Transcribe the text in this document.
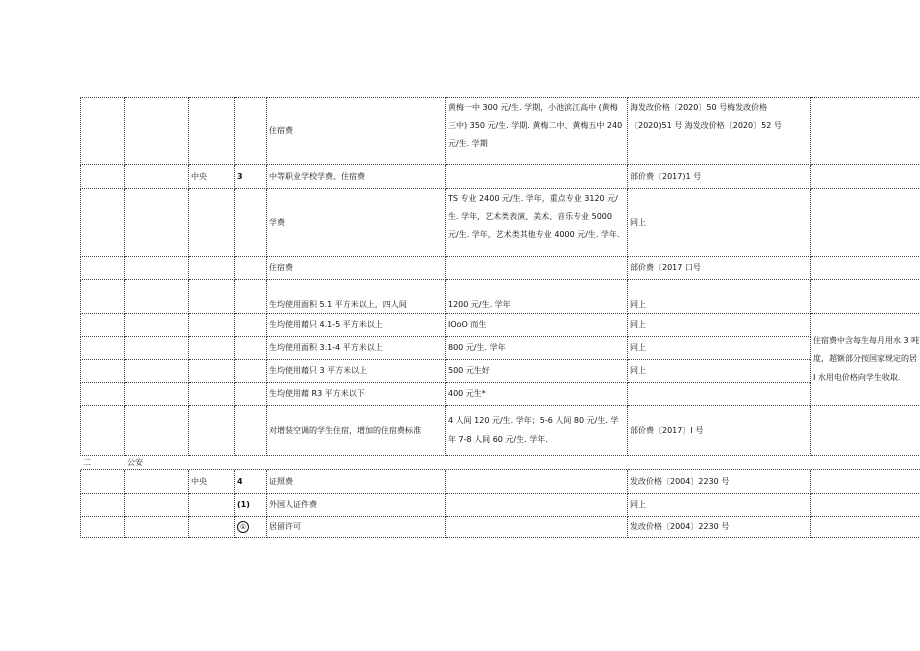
				住宿费	黄梅一中 300 元/生. 学期，小池滨江高中 (黄梅三中) 350 元/生. 学期. 黄梅二中、黄梅五中 240 元/生. 学期	海发改价格〔2020〕50 号梅发改价格〔2020)51 号 海发改价格〔2020〕52 号	
		中央	3	中等职业学校学费、住宿费		部价费〔2017)1 号	
				学费	TS 专业 2400 元/生. 学年，重点专业 3120 元/生. 学年，艺术类表演、美术、音乐专业 5000 元/生. 学年，艺术类其他专业 4000 元/生. 学年.	同上	
				住宿费		部价费〔2017 口号	
				生均使用面积 5.1 平方米以上，四人间	1200 元/生. 学年	同上	
				生均使用藉只 4.1-5 平方米以上	IOoO 而生	同上	住宿费中含每生每月用水 3 吨度，超额部分按国家规定的居 I 水用电价格向学生收取.
				生均使用面积 3.1-4 平方米以上	800 元/生. 学年	同上	
				生均使用藉只 3 平方米以上	500 元生好	同上	
				生均使用藉 R3 平方米以下	400 元生*		
				对增装空调的学生住宿，增加的住宿费标准	4 人间 120 元/生. 学年；5-6 人间 80 元/生. 学年 7-8 人间 60 元/生. 学年.	部价费〔2017〕I 号	
二	公安						
		中央	4	证照费		发改价格〔2004〕2230 号	
			(1)	外国人证件费		同上	
			①	居留许可		发改价格〔2004〕2230 号	
